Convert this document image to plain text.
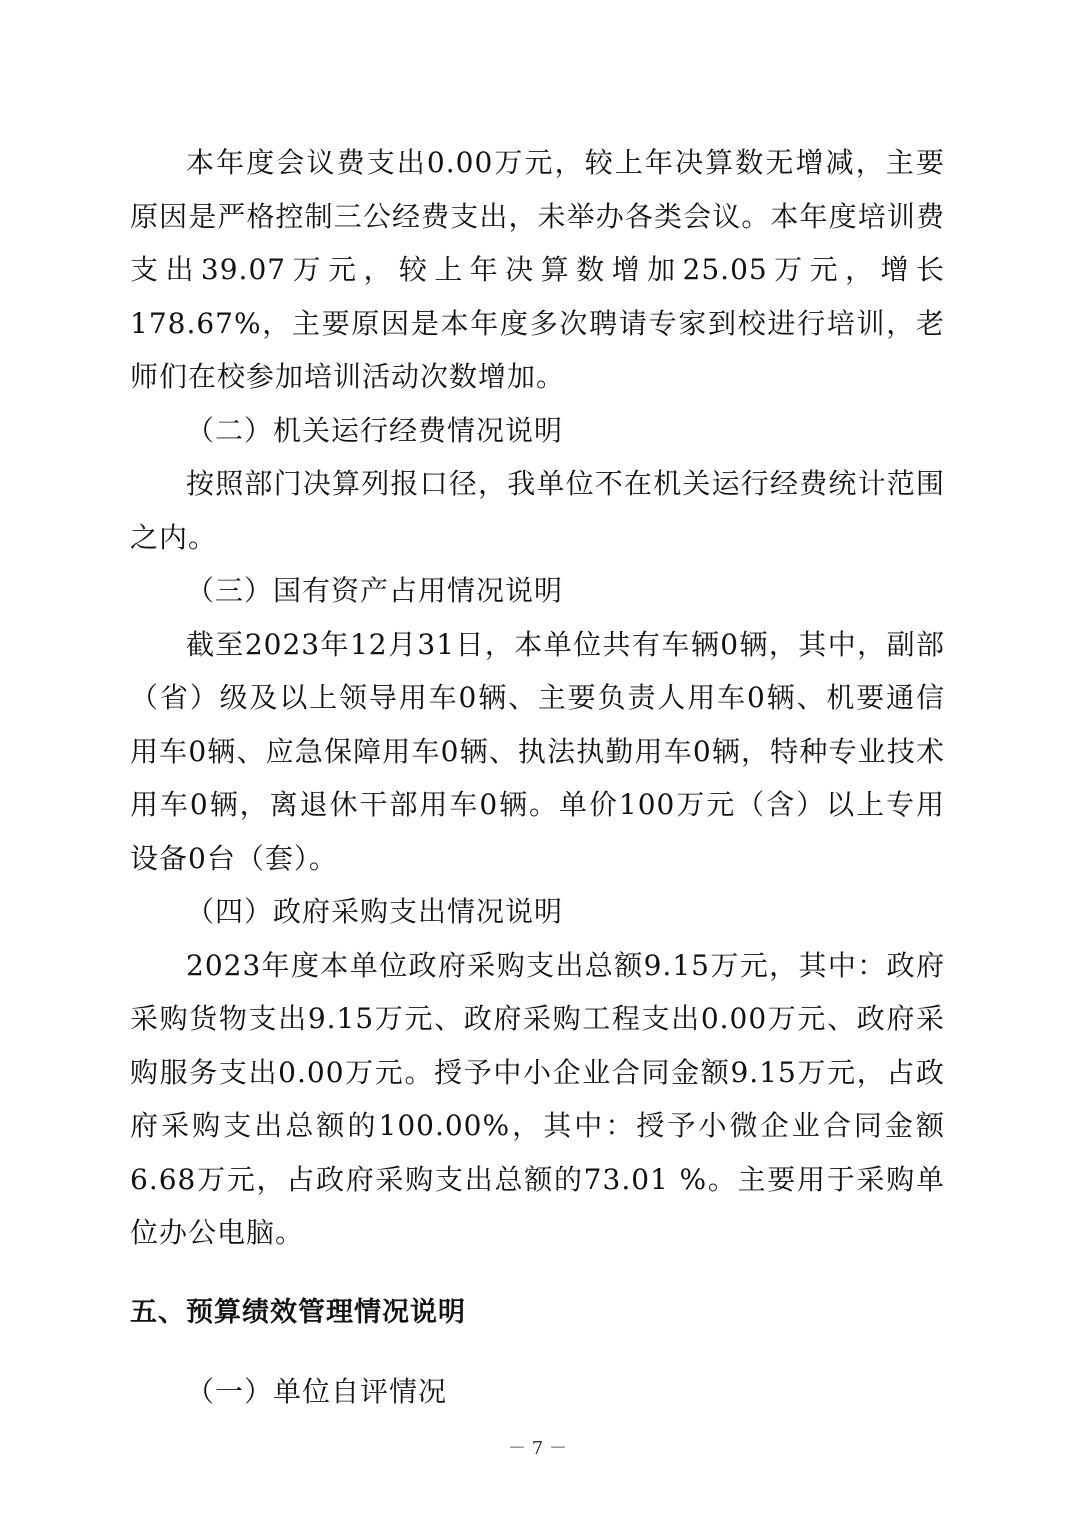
本年度会议费支出0.00万元，较上年决算数无增减，主要原因是严格控制三公经费支出，未举办各类会议。本年度培训费支出39.07万元，较上年决算数增加25.05万元，增长178.67%，主要原因是本年度多次聘请专家到校进行培训，老师们在校参加培训活动次数增加。

（二）机关运行经费情况说明

按照部门决算列报口径，我单位不在机关运行经费统计范围之内。

（三）国有资产占用情况说明

截至2023年12月31日，本单位共有车辆0辆，其中，副部（省）级及以上领导用车0辆、主要负责人用车0辆、机要通信用车0辆、应急保障用车0辆、执法执勤用车0辆，特种专业技术用车0辆，离退休干部用车0辆。单价100万元（含）以上专用设备0台（套）。

（四）政府采购支出情况说明

2023年度本单位政府采购支出总额9.15万元，其中：政府采购货物支出9.15万元、政府采购工程支出0.00万元、政府采购服务支出0.00万元。授予中小企业合同金额9.15万元，占政府采购支出总额的100.00%，其中：授予小微企业合同金额6.68万元，占政府采购支出总额的73.01 %。主要用于采购单位办公电脑。

五、预算绩效管理情况说明

（一）单位自评情况

－ 7 －
